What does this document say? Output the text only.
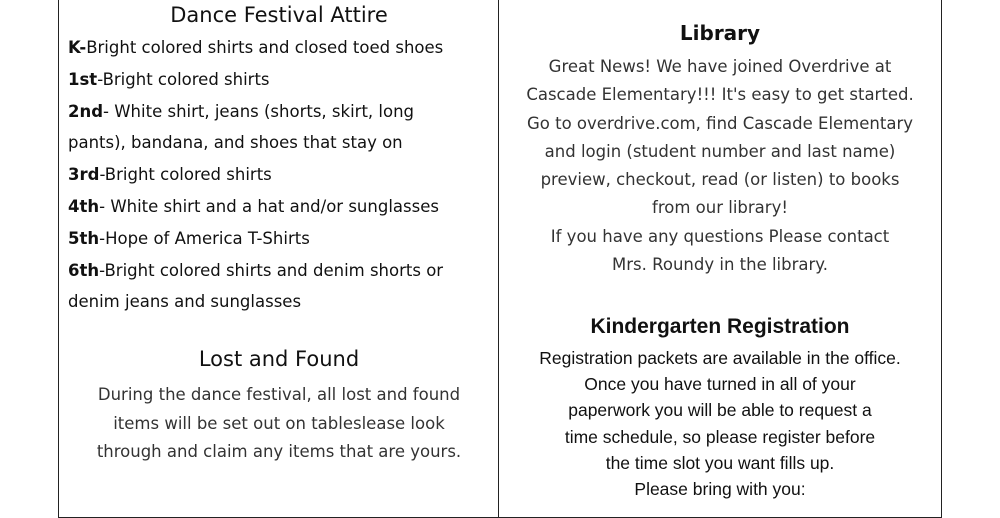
Dance Festival Attire
K-Bright colored shirts and closed toed shoes
1st-Bright colored shirts
2nd- White shirt, jeans (shorts, skirt, long
pants), bandana, and shoes that stay on
3rd-Bright colored shirts
4th- White shirt and a hat and/or sunglasses
5th-Hope of America T-Shirts
6th-Bright colored shirts and denim shorts or
denim jeans and sunglasses
Lost and Found
During the dance festival, all lost and found
items will be set out on tableslease look
through and claim any items that are yours.
Library
Great News! We have joined Overdrive at
Cascade Elementary!!! It's easy to get started.
Go to overdrive.com, find Cascade Elementary
and login (student number and last name)
preview, checkout, read (or listen) to books
from our library!
If you have any questions Please contact
Mrs. Roundy in the library.
Kindergarten Registration
Registration packets are available in the office.
Once you have turned in all of your
paperwork you will be able to request a
time schedule, so please register before
the time slot you want fills up.
Please bring with you:
